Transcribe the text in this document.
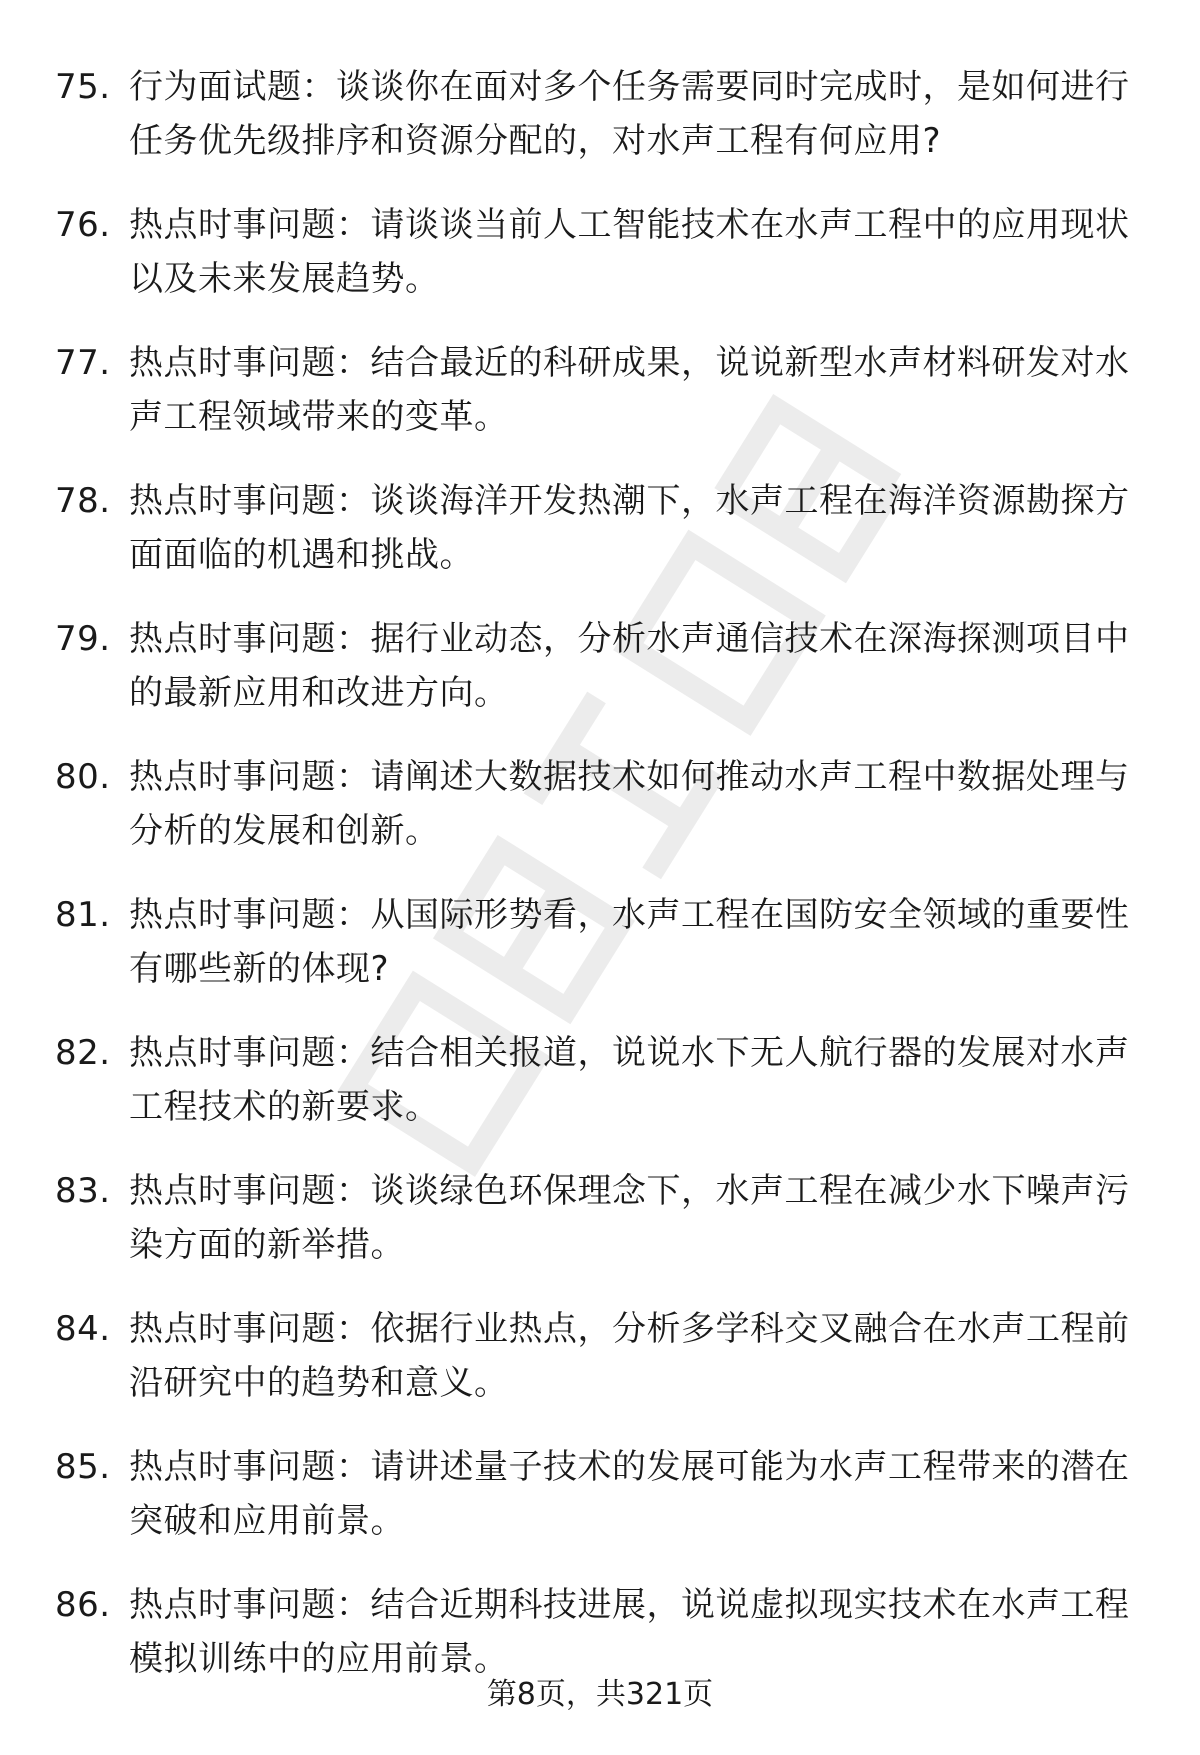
75. 行为面试题：谈谈你在面对多个任务需要同时完成时，是如何进行任务优先级排序和资源分配的，对水声工程有何应用?
76. 热点时事问题：请谈谈当前人工智能技术在水声工程中的应用现状以及未来发展趋势。
77. 热点时事问题：结合最近的科研成果，说说新型水声材料研发对水声工程领域带来的变革。
78. 热点时事问题：谈谈海洋开发热潮下，水声工程在海洋资源勘探方面面临的机遇和挑战。
79. 热点时事问题：据行业动态，分析水声通信技术在深海探测项目中的最新应用和改进方向。
80. 热点时事问题：请阐述大数据技术如何推动水声工程中数据处理与分析的发展和创新。
81. 热点时事问题：从国际形势看，水声工程在国防安全领域的重要性有哪些新的体现?
82. 热点时事问题：结合相关报道，说说水下无人航行器的发展对水声工程技术的新要求。
83. 热点时事问题：谈谈绿色环保理念下，水声工程在减少水下噪声污染方面的新举措。
84. 热点时事问题：依据行业热点，分析多学科交叉融合在水声工程前沿研究中的趋势和意义。
85. 热点时事问题：请讲述量子技术的发展可能为水声工程带来的潜在突破和应用前景。
86. 热点时事问题：结合近期科技进展，说说虚拟现实技术在水声工程模拟训练中的应用前景。
第8页，共321页
